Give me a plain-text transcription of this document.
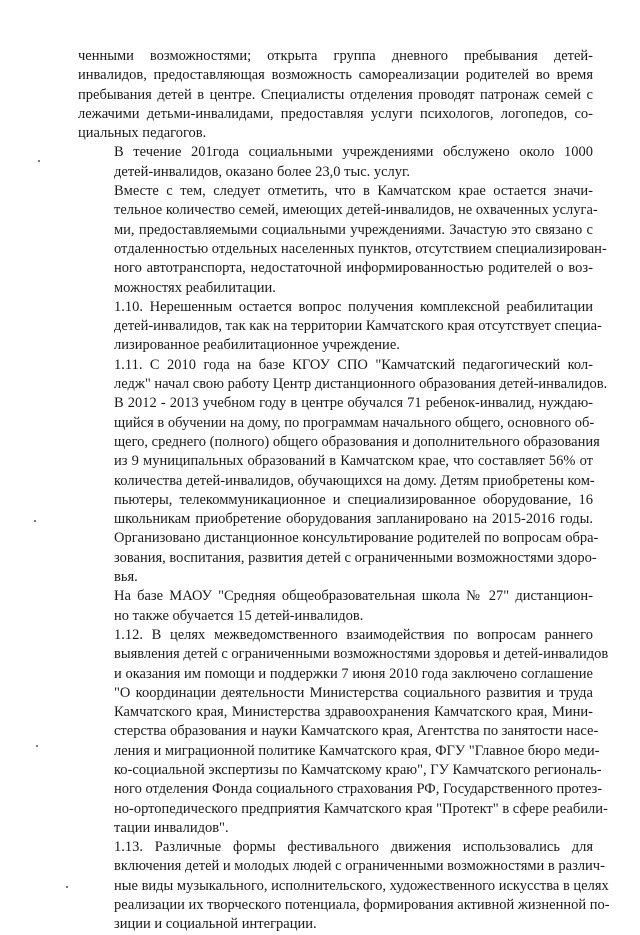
ченными возможностями; открыта группа дневного пребывания детей-
инвалидов, предоставляющая возможность самореализации родителей во время
пребывания детей в центре. Специалисты отделения проводят патронаж семей с
лежачими детьми-инвалидами, предоставляя услуги психологов, логопедов, со-
циальных педагогов.

В течение 201года социальными учреждениями обслужено около 1000
детей-инвалидов, оказано более 23,0 тыс. услуг.

Вместе с тем, следует отметить, что в Камчатском крае остается значи-
тельное количество семей, имеющих детей-инвалидов, не охваченных услуга-
ми, предоставляемыми социальными учреждениями. Зачастую это связано с
отдаленностью отдельных населенных пунктов, отсутствием специализирован-
ного автотранспорта, недостаточной информированностью родителей о воз-
можностях реабилитации.

1.10. Нерешенным остается вопрос получения комплексной реабилитации
детей-инвалидов, так как на территории Камчатского края отсутствует специа-
лизированное реабилитационное учреждение.

1.11. С 2010 года на базе КГОУ СПО "Камчатский педагогический кол-
ледж" начал свою работу Центр дистанционного образования детей-инвалидов.
В 2012 - 2013 учебном году в центре обучался 71 ребенок-инвалид, нуждаю-
щийся в обучении на дому, по программам начального общего, основного об-
щего, среднего (полного) общего образования и дополнительного образования
из 9 муниципальных образований в Камчатском крае, что составляет 56% от
количества детей-инвалидов, обучающихся на дому. Детям приобретены ком-
пьютеры, телекоммуникационное и специализированное оборудование, 16
школьникам приобретение оборудования запланировано на 2015-2016 годы.
Организовано дистанционное консультирование родителей по вопросам обра-
зования, воспитания, развития детей с ограниченными возможностями здоро-
вья.

На базе МАОУ "Средняя общеобразовательная школа № 27" дистанцион-
но также обучается 15 детей-инвалидов.

1.12. В целях межведомственного взаимодействия по вопросам раннего
выявления детей с ограниченными возможностями здоровья и детей-инвалидов
и оказания им помощи и поддержки 7 июня 2010 года заключено соглашение
"О координации деятельности Министерства социального развития и труда
Камчатского края, Министерства здравоохранения Камчатского края, Мини-
стерства образования и науки Камчатского края, Агентства по занятости насе-
ления и миграционной политике Камчатского края, ФГУ "Главное бюро меди-
ко-социальной экспертизы по Камчатскому краю", ГУ Камчатского региональ-
ного отделения Фонда социального страхования РФ, Государственного протез-
но-ортопедического предприятия Камчатского края "Протект" в сфере реабили-
тации инвалидов".

1.13. Различные формы фестивального движения использовались для
включения детей и молодых людей с ограниченными возможностями в различ-
ные виды музыкального, исполнительского, художественного искусства в целях
реализации их творческого потенциала, формирования активной жизненной по-
зиции и социальной интеграции.
